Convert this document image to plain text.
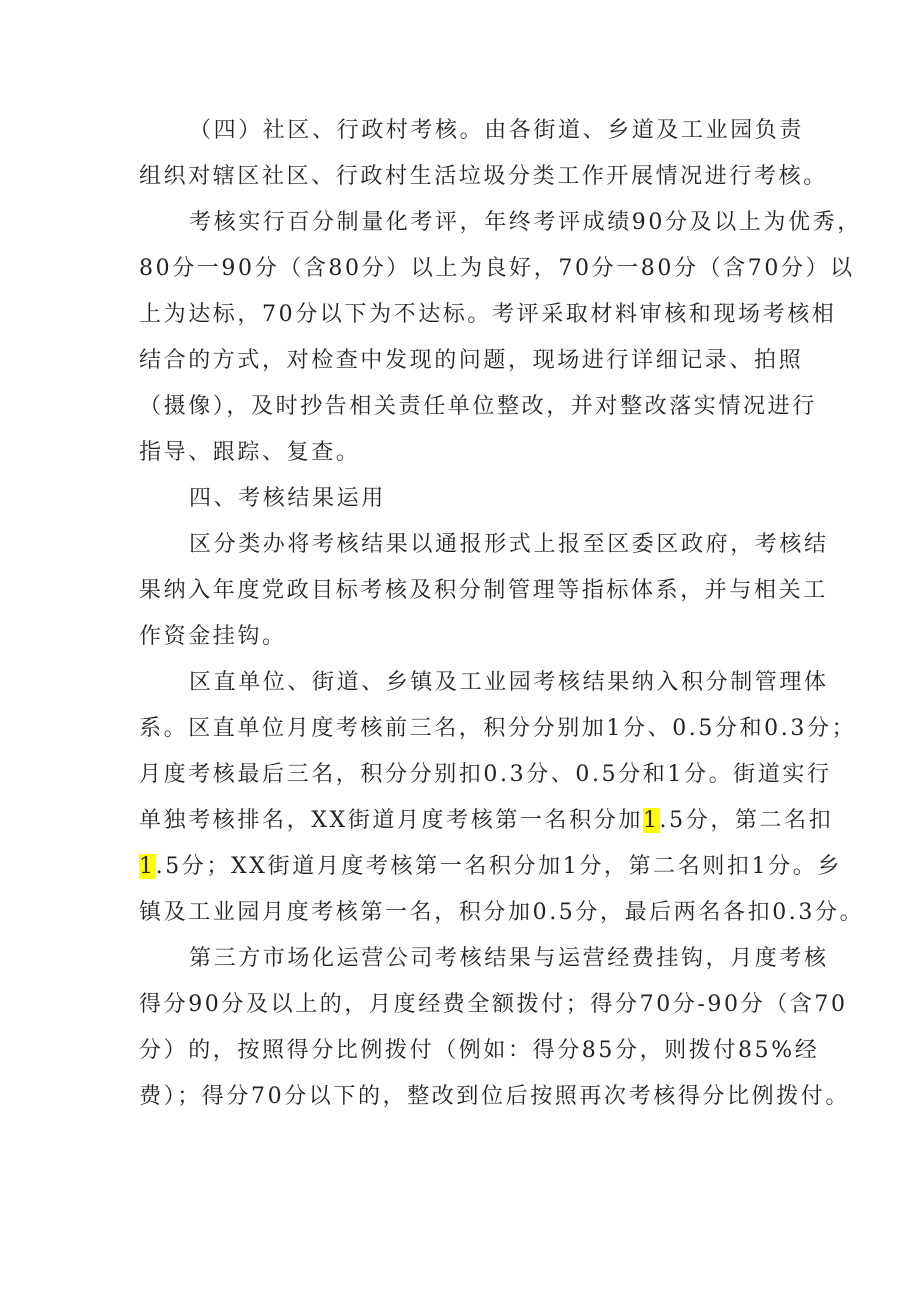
（四）社区、行政村考核。由各街道、乡道及工业园负责
组织对辖区社区、行政村生活垃圾分类工作开展情况进行考核。
考核实行百分制量化考评，年终考评成绩90分及以上为优秀，
80分一90分（含80分）以上为良好，70分一80分（含70分）以
上为达标，70分以下为不达标。考评采取材料审核和现场考核相
结合的方式，对检查中发现的问题，现场进行详细记录、拍照
（摄像），及时抄告相关责任单位整改，并对整改落实情况进行
指导、跟踪、复查。
四、考核结果运用
区分类办将考核结果以通报形式上报至区委区政府，考核结
果纳入年度党政目标考核及积分制管理等指标体系，并与相关工
作资金挂钩。
区直单位、街道、乡镇及工业园考核结果纳入积分制管理体
系。区直单位月度考核前三名，积分分别加1分、0.5分和0.3分；
月度考核最后三名，积分分别扣0.3分、0.5分和1分。街道实行
单独考核排名，XX街道月度考核第一名积分加1.5分，第二名扣
1.5分；XX街道月度考核第一名积分加1分，第二名则扣1分。乡
镇及工业园月度考核第一名，积分加0.5分，最后两名各扣0.3分。
第三方市场化运营公司考核结果与运营经费挂钩，月度考核
得分90分及以上的，月度经费全额拨付；得分70分-90分（含70
分）的，按照得分比例拨付（例如：得分85分，则拨付85%经
费）；得分70分以下的，整改到位后按照再次考核得分比例拨付。
